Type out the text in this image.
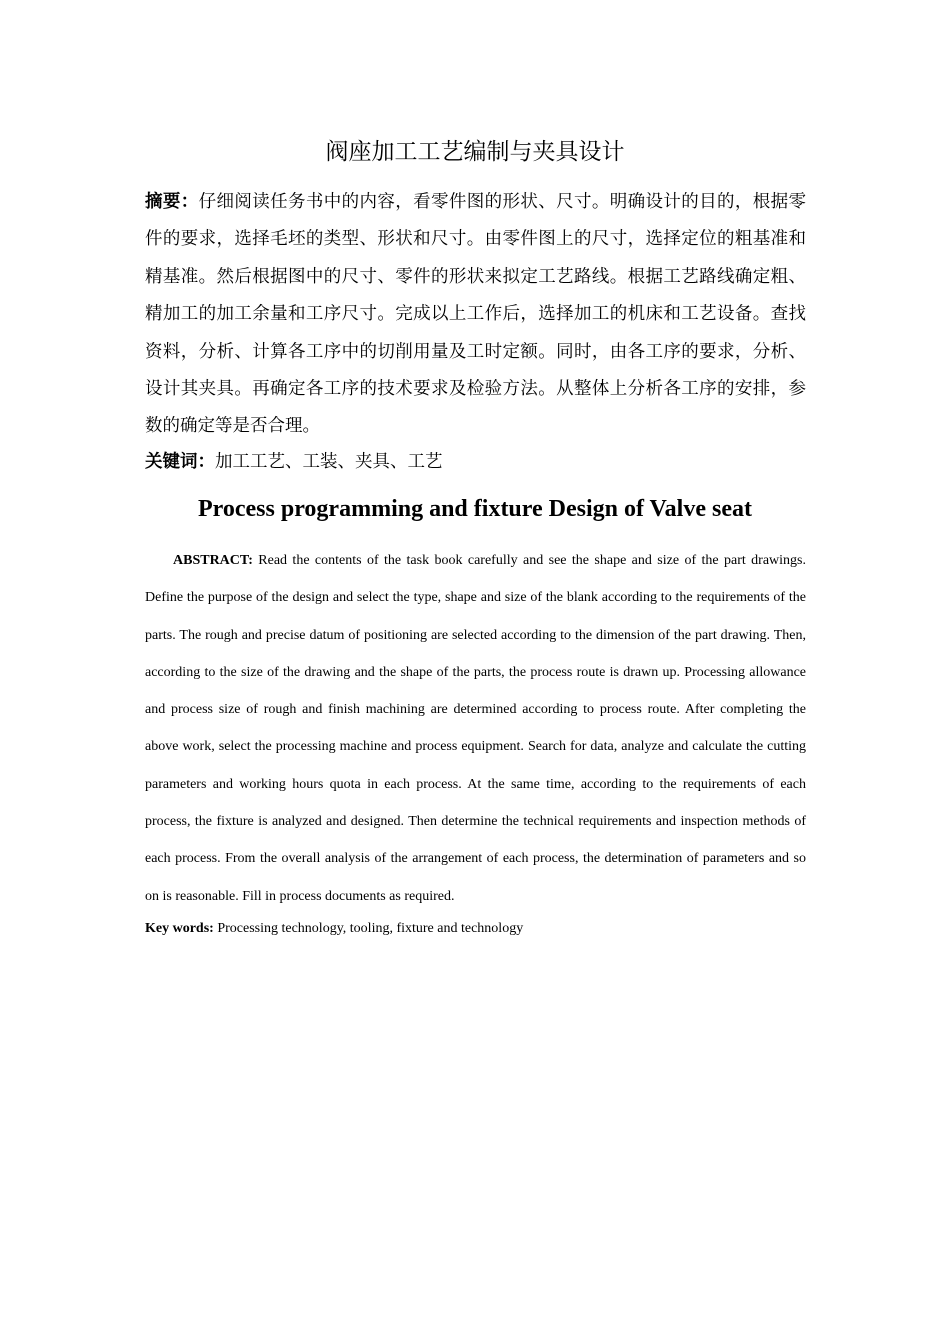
阀座加工工艺编制与夹具设计

摘要：仔细阅读任务书中的内容，看零件图的形状、尺寸。明确设计的目的，根据零件的要求，选择毛坯的类型、形状和尺寸。由零件图上的尺寸，选择定位的粗基准和精基准。然后根据图中的尺寸、零件的形状来拟定工艺路线。根据工艺路线确定粗、精加工的加工余量和工序尺寸。完成以上工作后，选择加工的机床和工艺设备。查找资料，分析、计算各工序中的切削用量及工时定额。同时，由各工序的要求，分析、设计其夹具。再确定各工序的技术要求及检验方法。从整体上分析各工序的安排，参数的确定等是否合理。

关键词：加工工艺、工装、夹具、工艺

Process programming and fixture Design of Valve seat

ABSTRACT: Read the contents of the task book carefully and see the shape and size of the part drawings. Define the purpose of the design and select the type, shape and size of the blank according to the requirements of the parts. The rough and precise datum of positioning are selected according to the dimension of the part drawing. Then, according to the size of the drawing and the shape of the parts, the process route is drawn up. Processing allowance and process size of rough and finish machining are determined according to process route. After completing the above work, select the processing machine and process equipment. Search for data, analyze and calculate the cutting parameters and working hours quota in each process. At the same time, according to the requirements of each process, the fixture is analyzed and designed. Then determine the technical requirements and inspection methods of each process. From the overall analysis of the arrangement of each process, the determination of parameters and so on is reasonable. Fill in process documents as required.

Key words: Processing technology, tooling, fixture and technology
